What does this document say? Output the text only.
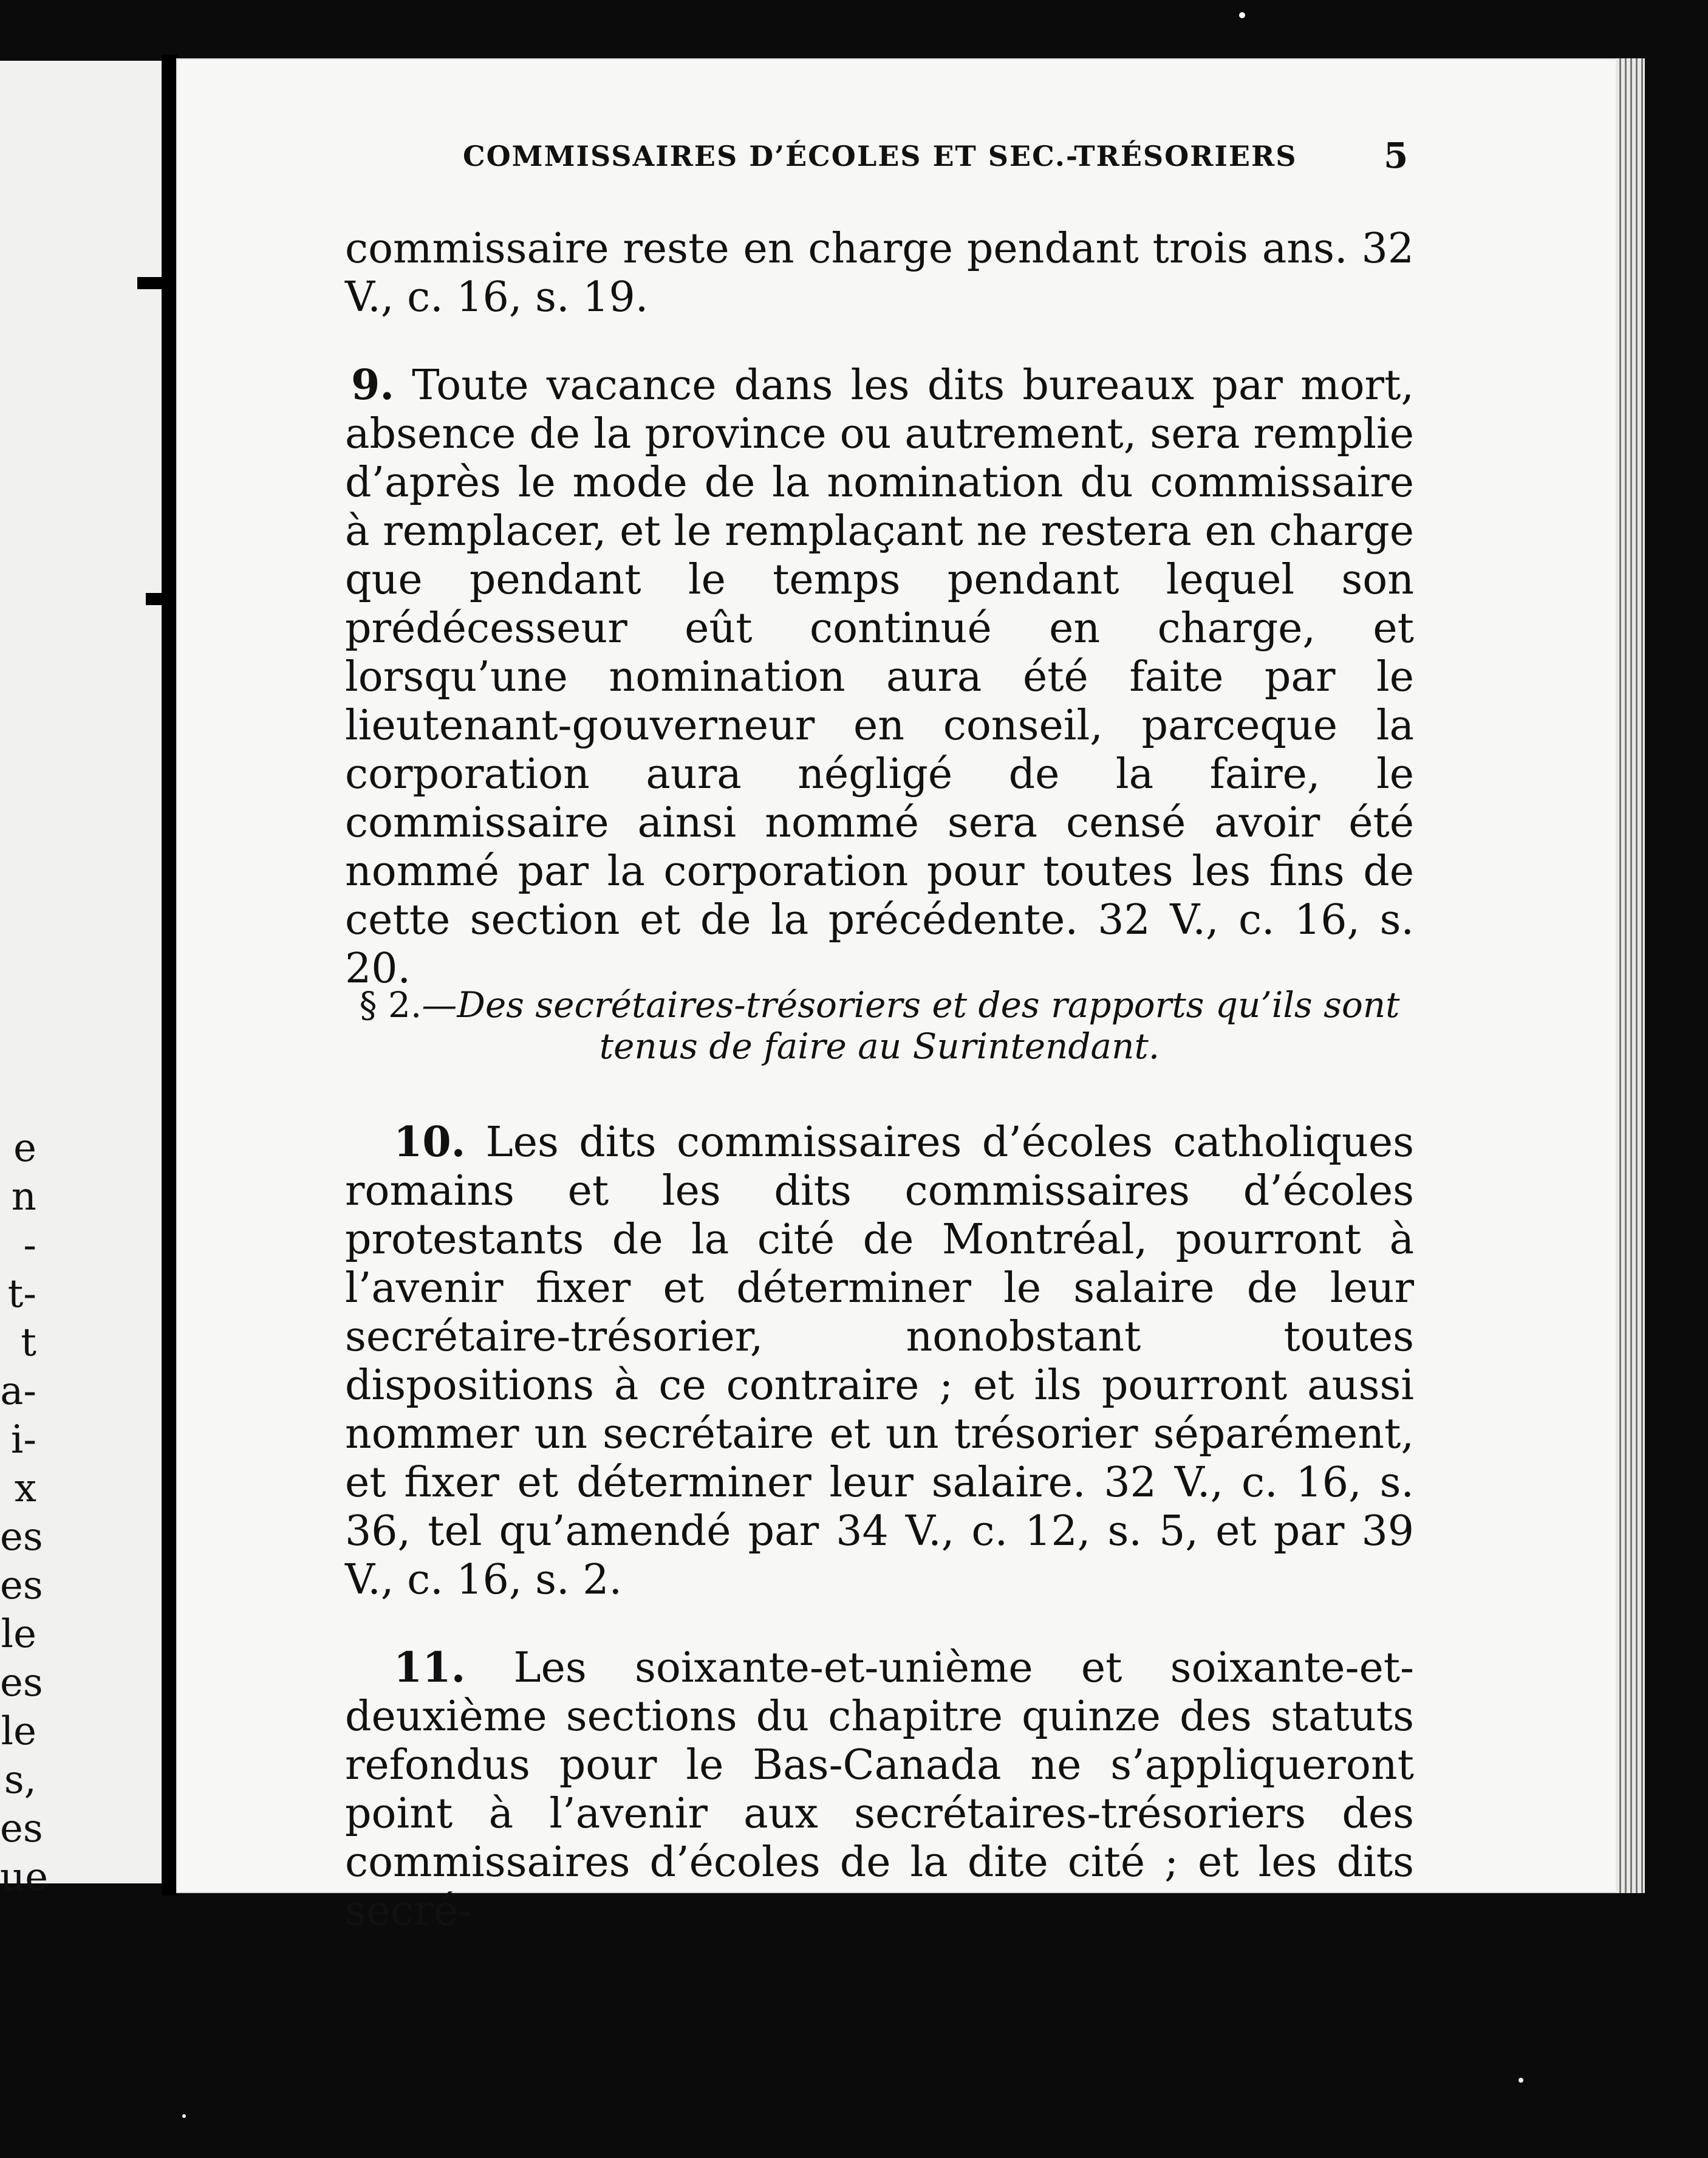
e
n
-
t-
t
a-
i-
x
es
es
le
es
le
s,
es
ue
COMMISSAIRES D’ÉCOLES ET SEC.-TRÉSORIERS	5

commissaire reste en charge pendant trois ans. 32 V., c. 16, s. 19.

9. Toute vacance dans les dits bureaux par mort, absence de la province ou autrement, sera remplie d’après le mode de la nomination du commissaire à remplacer, et le remplaçant ne restera en charge que pendant le temps pendant lequel son prédécesseur eût continué en charge, et lorsqu’une nomination aura été faite par le lieutenant-gouverneur en conseil, parceque la corporation aura négligé de la faire, le commissaire ainsi nommé sera censé avoir été nommé par la corporation pour toutes les fins de cette section et de la précédente. 32 V., c. 16, s. 20.

§ 2.—Des secrétaires-trésoriers et des rapports qu’ils sont tenus de faire au Surintendant.

10. Les dits commissaires d’écoles catholiques romains et les dits commissaires d’écoles protestants de la cité de Montréal, pourront à l’avenir fixer et déterminer le salaire de leur secrétaire-trésorier, nonobstant toutes dispositions à ce contraire ; et ils pourront aussi nommer un secrétaire et un trésorier séparément, et fixer et déterminer leur salaire. 32 V., c. 16, s. 36, tel qu’amendé par 34 V., c. 12, s. 5, et par 39 V., c. 16, s. 2.

11. Les soixante-et-unième et soixante-et-deuxième sections du chapitre quinze des statuts refondus pour le Bas-Canada ne s’appliqueront point à l’avenir aux secrétaires-trésoriers des commissaires d’écoles de la dite cité ; et les dits secré-
